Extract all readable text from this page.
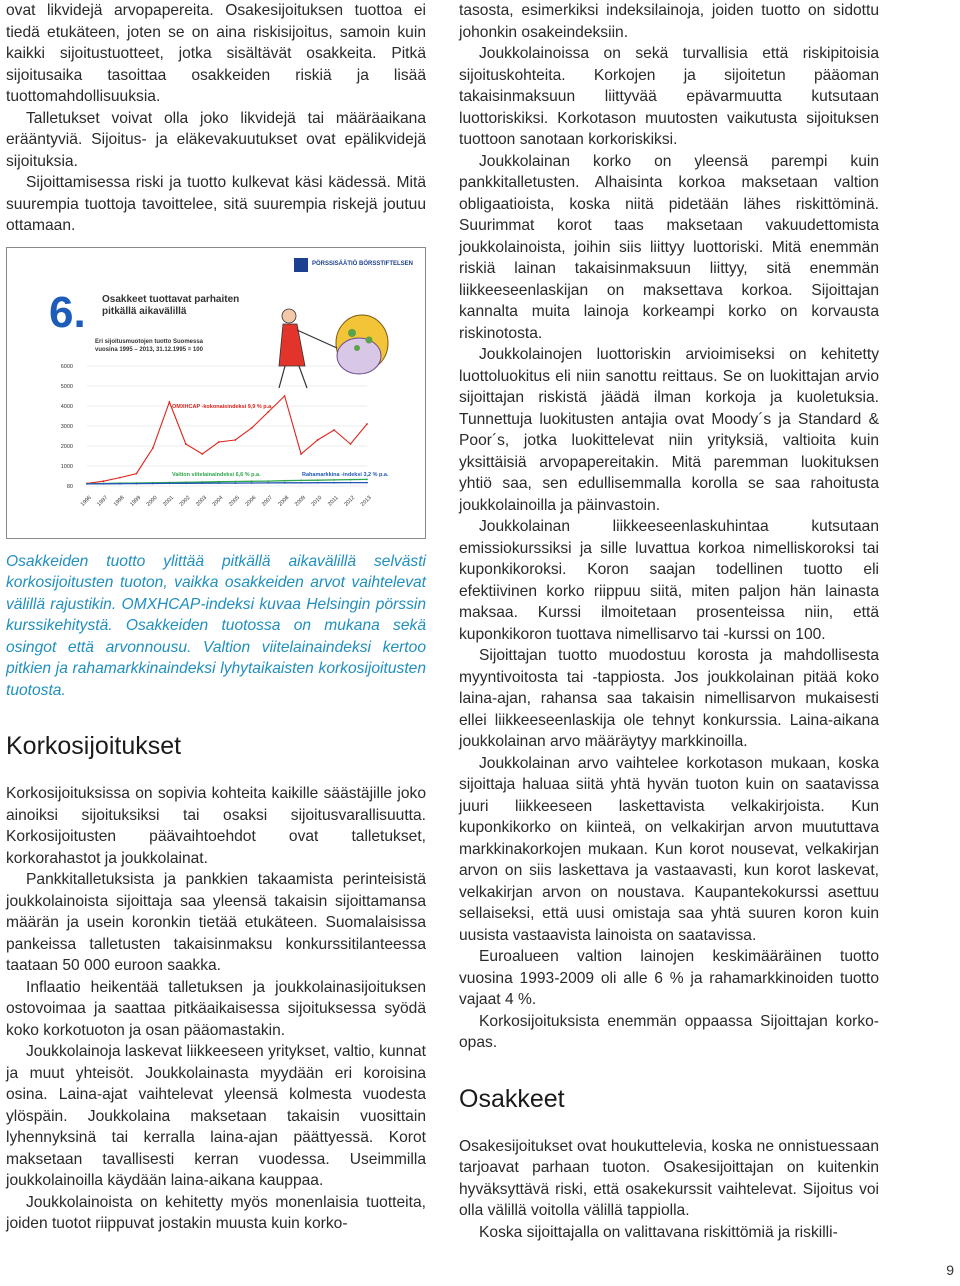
ovat likvidejä arvopapereita. Osakesijoituksen tuottoa ei tiedä etukäteen, joten se on aina riskisijoitus, samoin kuin kaikki sijoitustuotteet, jotka sisältävät osakkeita. Pitkä sijoitusaika tasoittaa osakkeiden riskiä ja lisää tuottomahdollisuuksia.

Talletukset voivat olla joko likvidejä tai määräaikana erääntyviä. Sijoitus- ja eläkevakuutukset ovat epälikvidejä sijoituksia.

Sijoittamisessa riski ja tuotto kulkevat käsi kädessä. Mitä suurempia tuottoja tavoittelee, sitä suurempia riskejä joutuu ottamaan.

6000
5000
4000
3000
2000
1000
80
1996 1997 1998 1999 2000 2001 2002 2003 2004 2005 2006 2007 2008 2009 2010 2011 2012 2013
OMXHCAP -kokonaisindeksi 9,9 % p.a.
Valtion viitelainaindeksi 6,6 % p.a.	Rahamarkkina -indeksi 3,2 % p.a.
PÖRSSISÄÄTIÖ BÖRSSTIFTELSEN
6. Osakkeet tuottavat parhaiten pitkällä aikavälillä
Eri sijoitusmuotojen tuotto Suomessa vuosina 1995 – 2013, 31.12.1995 = 100

Osakkeiden tuotto ylittää pitkällä aikavälillä selvästi korkosijoitusten tuoton, vaikka osakkeiden arvot vaihtelevat välillä rajustikin. OMXHCAP-indeksi kuvaa Helsingin pörssin kurssikehitystä. Osakkeiden tuotossa on mukana sekä osingot että arvonnousu. Valtion viitelainaindeksi kertoo pitkien ja rahamarkkinaindeksi lyhytaikaisten korkosijoitusten tuotosta.

Korkosijoitukset

Korkosijoituksissa on sopivia kohteita kaikille säästäjille joko ainoiksi sijoituksiksi tai osaksi sijoitusvarallisuutta. Korkosijoitusten päävaihtoehdot ovat talletukset, korkorahastot ja joukkolainat.

Pankkitalletuksista ja pankkien takaamista perinteisistä joukkolainoista sijoittaja saa yleensä takaisin sijoittamansa määrän ja usein koronkin tietää etukäteen. Suomalaisissa pankeissa talletusten takaisinmaksu konkurssitilanteessa taataan 50 000 euroon saakka.

Inflaatio heikentää talletuksen ja joukkolainasijoituksen ostovoimaa ja saattaa pitkäaikaisessa sijoituksessa syödä koko korkotuoton ja osan pääomastakin.

Joukkolainoja laskevat liikkeeseen yritykset, valtio, kunnat ja muut yhteisöt. Joukkolainasta myydään eri koroisina osina. Laina-ajat vaihtelevat yleensä kolmesta vuodesta ylöspäin. Joukkolaina maksetaan takaisin vuosittain lyhennyksinä tai kerralla laina-ajan päättyessä. Korot maksetaan tavallisesti kerran vuodessa. Useimmilla joukkolainoilla käydään laina-aikana kauppaa.

Joukkolainoista on kehitetty myös monenlaisia tuotteita, joiden tuotot riippuvat jostakin muusta kuin korko-

tasosta, esimerkiksi indeksilainoja, joiden tuotto on sidottu johonkin osakeindeksiin.

Joukkolainoissa on sekä turvallisia että riskipitoisia sijoituskohteita. Korkojen ja sijoitetun pääoman takaisinmaksuun liittyvää epävarmuutta kutsutaan luottoriskiksi. Korkotason muutosten vaikutusta sijoituksen tuottoon sanotaan korkoriskiksi.

Joukkolainan korko on yleensä parempi kuin pankkitalletusten. Alhaisinta korkoa maksetaan valtion obligaatioista, koska niitä pidetään lähes riskittöminä. Suurimmat korot taas maksetaan vakuudettomista joukkolainoista, joihin siis liittyy luottoriski. Mitä enemmän riskiä lainan takaisinmaksuun liittyy, sitä enemmän liikkeeseenlaskijan on maksettava korkoa. Sijoittajan kannalta muita lainoja korkeampi korko on korvausta riskinotosta.

Joukkolainojen luottoriskin arvioimiseksi on kehitetty luottoluokitus eli niin sanottu reittaus. Se on luokittajan arvio sijoittajan riskistä jäädä ilman korkoja ja kuoletuksia. Tunnettuja luokitusten antajia ovat Moody´s ja Standard & Poor´s, jotka luokittelevat niin yrityksiä, valtioita kuin yksittäisiä arvopapereitakin. Mitä paremman luokituksen yhtiö saa, sen edullisemmalla korolla se saa rahoitusta joukkolainoilla ja päinvastoin.

Joukkolainan liikkeeseenlaskuhintaa kutsutaan emissiokurssiksi ja sille luvattua korkoa nimelliskoroksi tai kuponkikoroksi. Koron saajan todellinen tuotto eli efektiivinen korko riippuu siitä, miten paljon hän lainasta maksaa. Kurssi ilmoitetaan prosenteissa niin, että kuponkikoron tuottava nimellisarvo tai -kurssi on 100.

Sijoittajan tuotto muodostuu korosta ja mahdollisesta myyntivoitosta tai -tappiosta. Jos joukkolainan pitää koko laina-ajan, rahansa saa takaisin nimellisarvon mukaisesti ellei liikkeeseenlaskija ole tehnyt konkurssia. Laina-aikana joukkolainan arvo määräytyy markkinoilla.

Joukkolainan arvo vaihtelee korkotason mukaan, koska sijoittaja haluaa siitä yhtä hyvän tuoton kuin on saatavissa juuri liikkeeseen laskettavista velkakirjoista. Kun kuponkikorko on kiinteä, on velkakirjan arvon muututtava markkinakorkojen mukaan. Kun korot nousevat, velkakirjan arvon on siis laskettava ja vastaavasti, kun korot laskevat, velkakirjan arvon on noustava. Kaupantekokurssi asettuu sellaiseksi, että uusi omistaja saa yhtä suuren koron kuin uusista vastaavista lainoista on saatavissa.

Euroalueen valtion lainojen keskimääräinen tuotto vuosina 1993-2009 oli alle 6 % ja rahamarkkinoiden tuotto vajaat 4 %.

Korkosijoituksista enemmän oppaassa Sijoittajan korko-opas.

Osakkeet

Osakesijoitukset ovat houkuttelevia, koska ne onnistuessaan tarjoavat parhaan tuoton. Osakesijoittajan on kuitenkin hyväksyttävä riski, että osakekurssit vaihtelevat. Sijoitus voi olla välillä voitolla välillä tappiolla.

Koska sijoittajalla on valittavana riskittömiä ja riskilli-

9
